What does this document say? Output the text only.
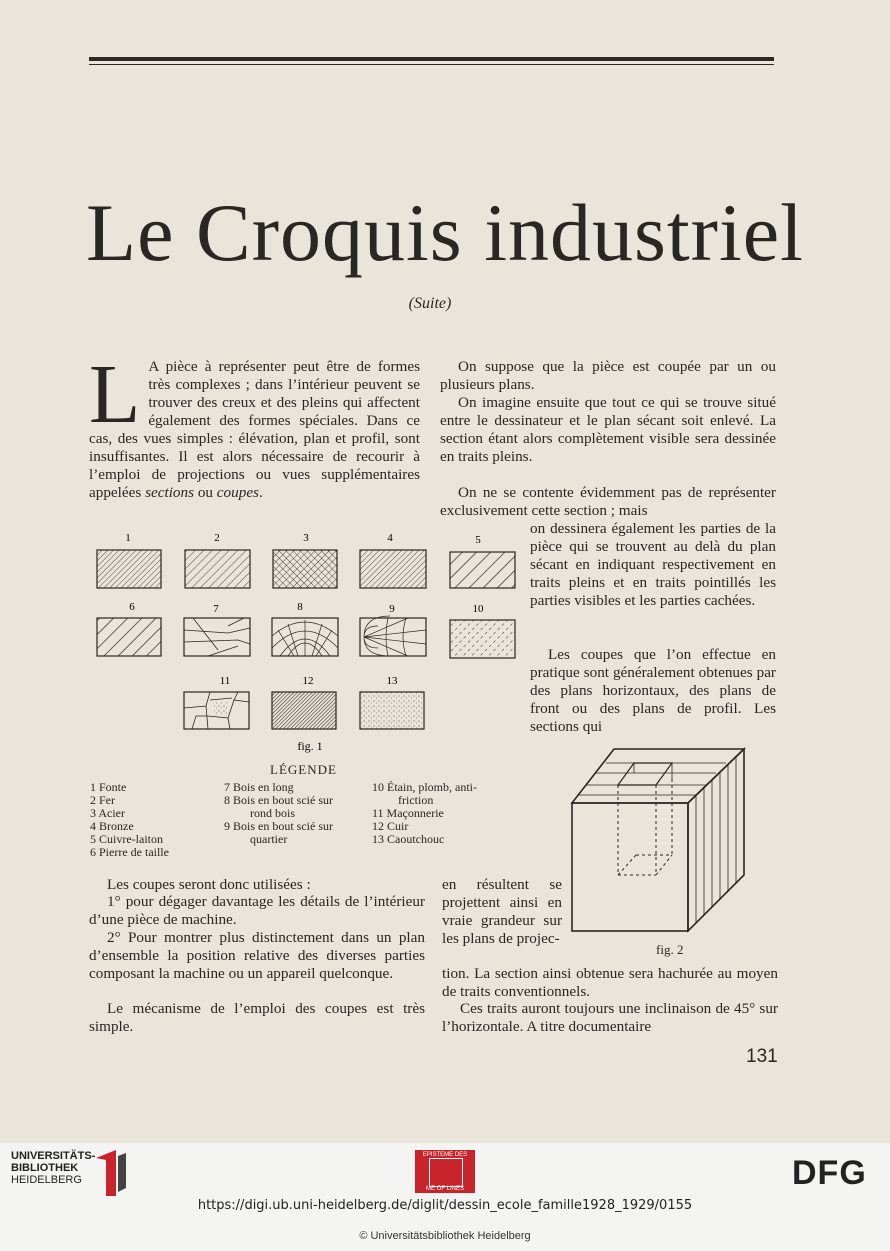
Le Croquis industriel
(Suite)

L A pièce à représenter peut être de formes très complexes ; dans l’intérieur peuvent se trouver des creux et des pleins qui affectent également des formes spéciales. Dans ce cas, des vues simples : élévation, plan et profil, sont insuffisantes. Il est alors nécessaire de recourir à l’emploi de projections ou vues supplémentaires appelées sections ou coupes.

On suppose que la pièce est coupée par un ou plusieurs plans.

On imagine ensuite que tout ce qui se trouve situé entre le dessinateur et le plan sécant soit enlevé. La section étant alors complètement visible sera dessinée en traits pleins.

On ne se contente évidemment pas de représenter exclusivement cette section ; mais

on dessinera également les parties de la pièce qui se trouvent au delà du plan sécant en indiquant respectivement en traits pleins et en traits pointillés les parties visibles et les parties cachées.

Les coupes que l’on effectue en pratique sont généralement obtenues par des plans horizontaux, des plans de front ou des plans de profil. Les sections qui

1	2	3	4	5
6	7	8	9	10
11	12	13
fig. 1
LÉGENDE
1 Fonte
2 Fer
3 Acier
4 Bronze
5 Cuivre-laiton
6 Pierre de taille
7 Bois en long
8 Bois en bout scié sur
rond bois
9 Bois en bout scié sur
quartier
10 Étain, plomb, anti-
friction
11 Maçonnerie
12 Cuir
13 Caoutchouc
fig. 2

Les coupes seront donc utilisées :

1° pour dégager davantage les détails de l’intérieur d’une pièce de machine.

2° Pour montrer plus distinctement dans un plan d’ensemble la position relative des diverses parties composant la machine ou un appareil quelconque.

Le mécanisme de l’emploi des coupes est très simple.

en résultent se projettent ainsi en vraie grandeur sur les plans de projec-

tion. La section ainsi obtenue sera hachurée au moyen de traits conventionnels.

Ces traits auront toujours une inclinaison de 45° sur l’horizontale. A titre documentaire

131
UNIVERSITÄTS-
BIBLIOTHEK
HEIDELBERG
EPISTEME DES
ME OF LINES	DFG
https://digi.ub.uni-heidelberg.de/diglit/dessin_ecole_famille1928_1929/0155
© Universitätsbibliothek Heidelberg
